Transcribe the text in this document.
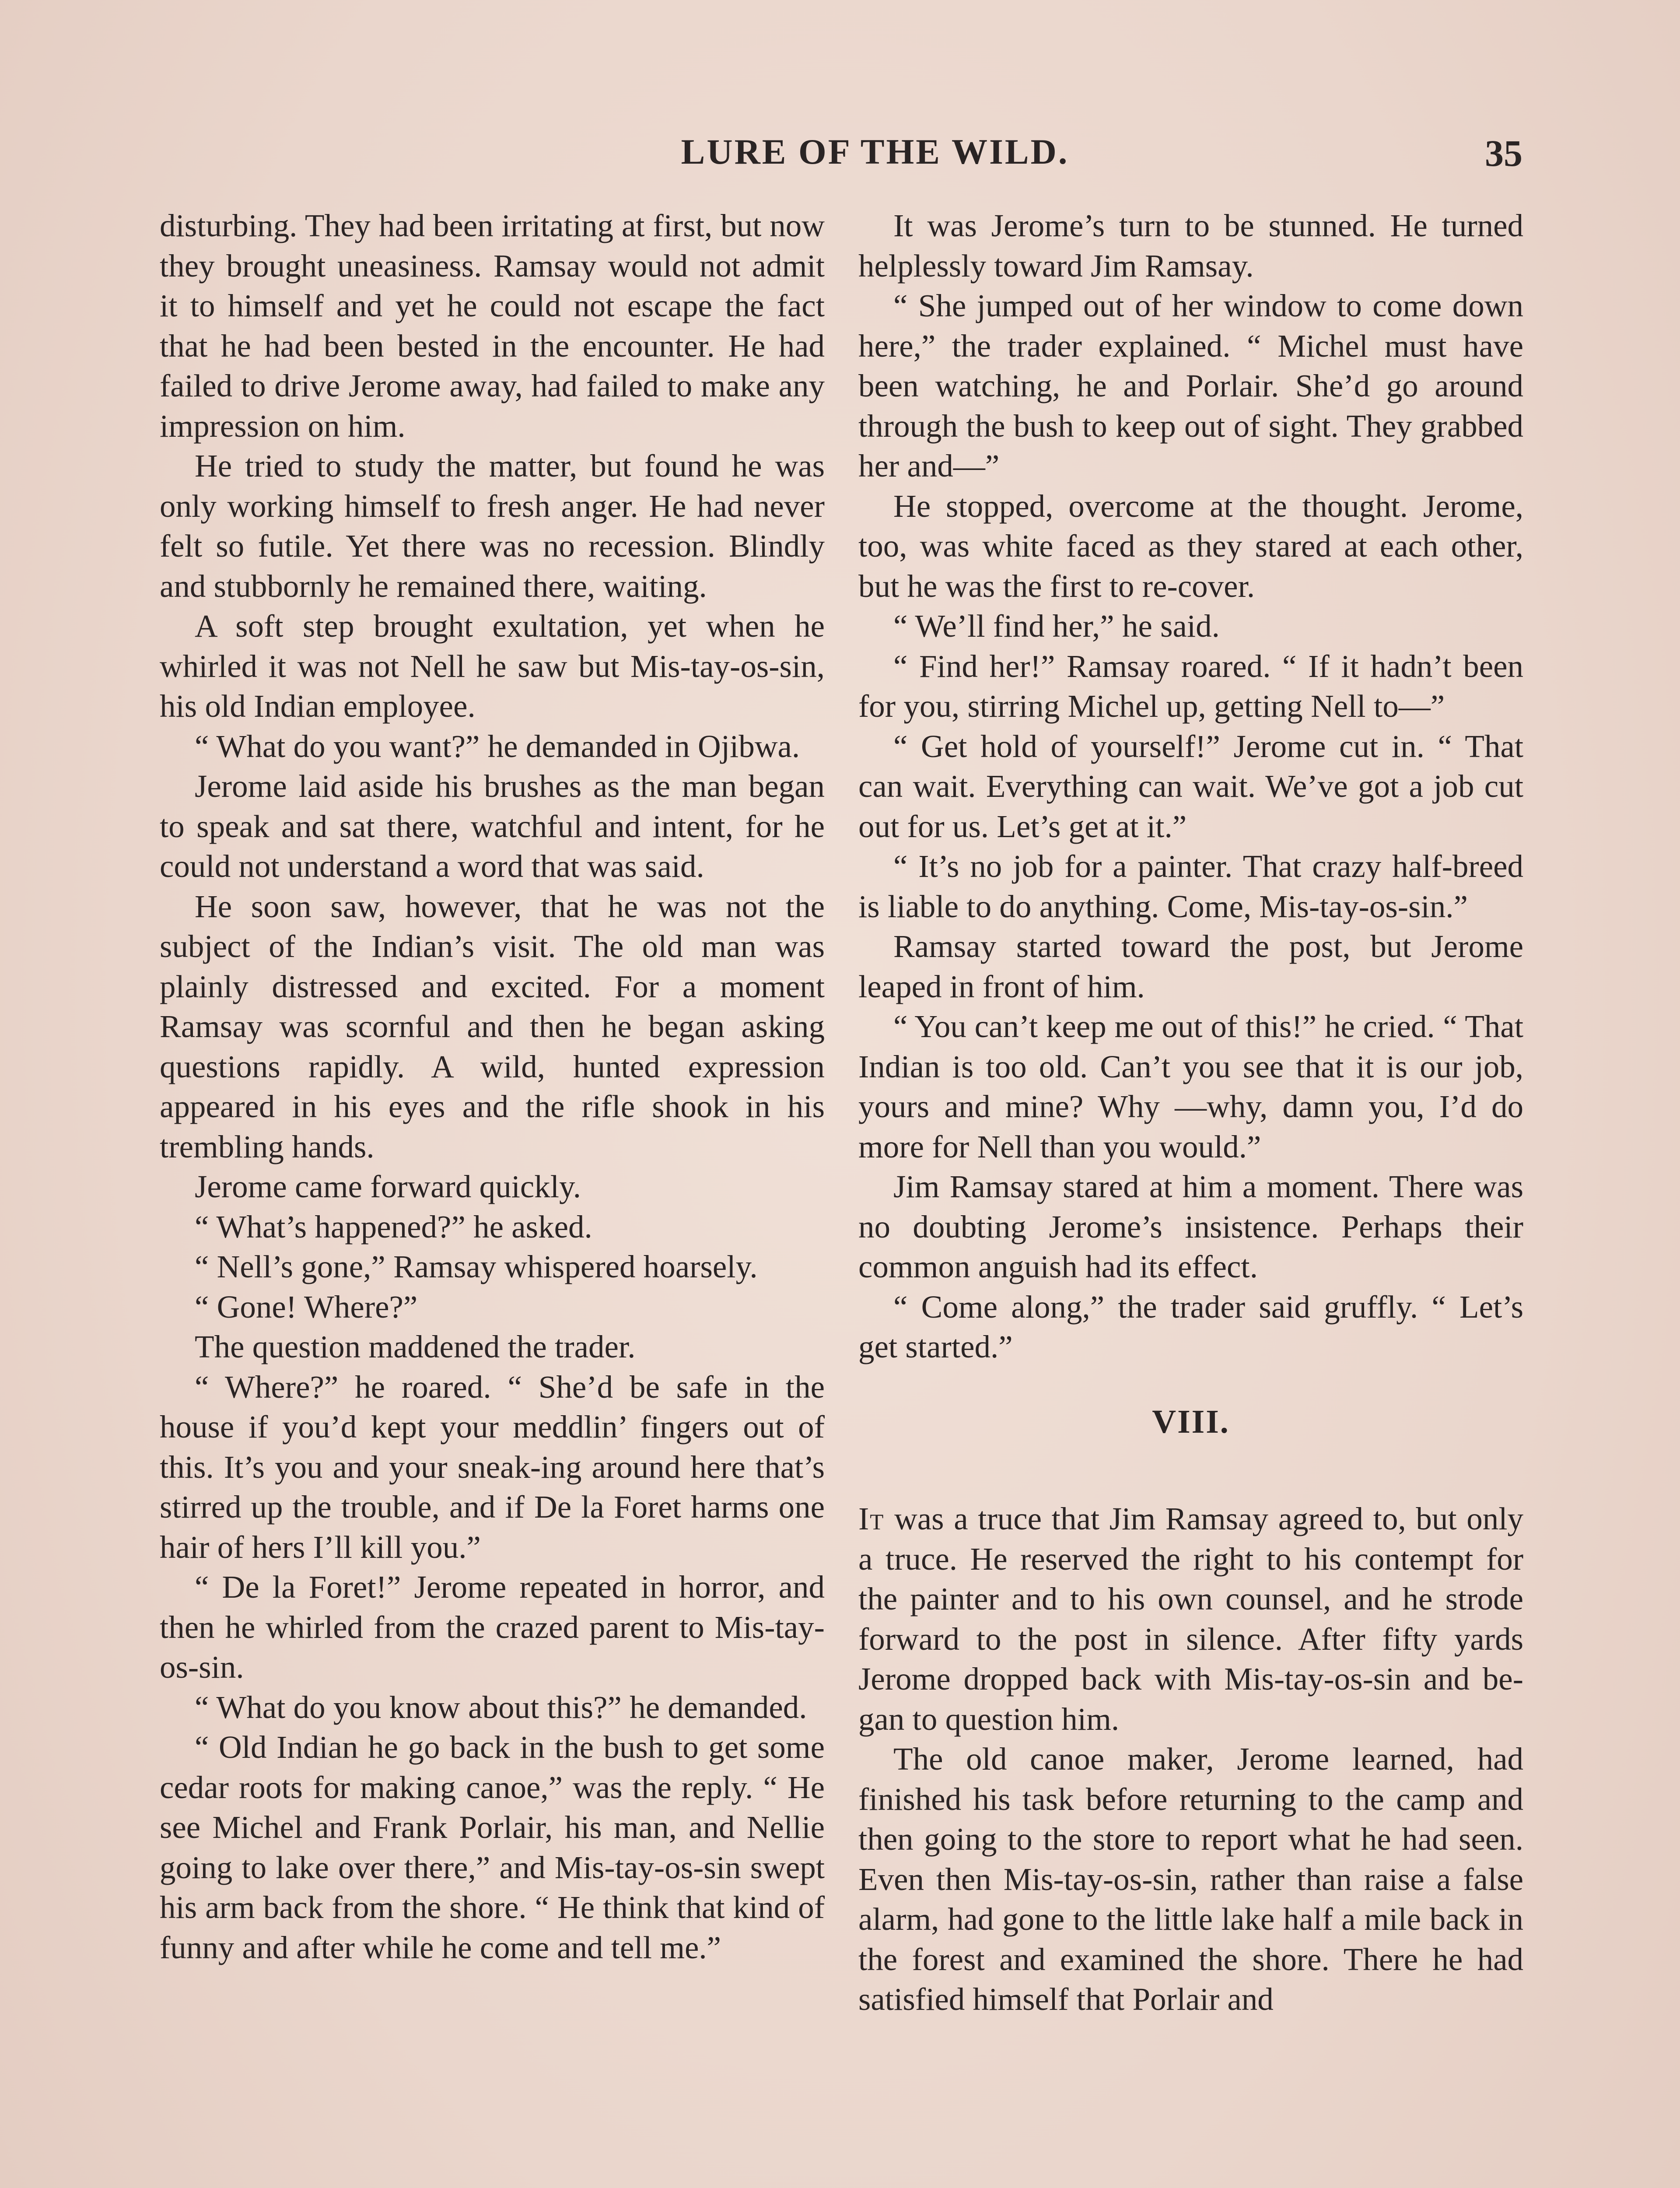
LURE OF THE WILD.	35

disturbing. They had been irritating at first, but now they brought uneasiness. Ramsay would not admit it to himself and yet he could not escape the fact that he had been bested in the encounter. He had failed to drive Jerome away, had failed to make any impression on him.

He tried to study the matter, but found he was only working himself to fresh anger. He had never felt so futile. Yet there was no recession. Blindly and stubbornly he remained there, waiting.

A soft step brought exultation, yet when he whirled it was not Nell he saw but Mis-tay-os-sin, his old Indian employee.

“ What do you want?” he demanded in Ojibwa.

Jerome laid aside his brushes as the man began to speak and sat there, watchful and intent, for he could not understand a word that was said.

He soon saw, however, that he was not the subject of the Indian’s visit. The old man was plainly distressed and excited. For a moment Ramsay was scornful and then he began asking questions rapidly. A wild, hunted expression appeared in his eyes and the rifle shook in his trembling hands.

Jerome came forward quickly.

“ What’s happened?” he asked.

“ Nell’s gone,” Ramsay whispered hoarsely.

“ Gone! Where?”

The question maddened the trader.

“ Where?” he roared. “ She’d be safe in the house if you’d kept your meddlin’ fingers out of this. It’s you and your sneak-ing around here that’s stirred up the trouble, and if De la Foret harms one hair of hers I’ll kill you.”

“ De la Foret!” Jerome repeated in horror, and then he whirled from the crazed parent to Mis-tay-os-sin.

“ What do you know about this?” he demanded.

“ Old Indian he go back in the bush to get some cedar roots for making canoe,” was the reply. “ He see Michel and Frank Porlair, his man, and Nellie going to lake over there,” and Mis-tay-os-sin swept his arm back from the shore. “ He think that kind of funny and after while he come and tell me.”

It was Jerome’s turn to be stunned. He turned helplessly toward Jim Ramsay.

“ She jumped out of her window to come down here,” the trader explained. “ Michel must have been watching, he and Porlair. She’d go around through the bush to keep out of sight. They grabbed her and—”

He stopped, overcome at the thought. Jerome, too, was white faced as they stared at each other, but he was the first to re-cover.

“ We’ll find her,” he said.

“ Find her!” Ramsay roared. “ If it hadn’t been for you, stirring Michel up, getting Nell to—”

“ Get hold of yourself!” Jerome cut in. “ That can wait. Everything can wait. We’ve got a job cut out for us. Let’s get at it.”

“ It’s no job for a painter. That crazy half-breed is liable to do anything. Come, Mis-tay-os-sin.”

Ramsay started toward the post, but Jerome leaped in front of him.

“ You can’t keep me out of this!” he cried. “ That Indian is too old. Can’t you see that it is our job, yours and mine? Why —why, damn you, I’d do more for Nell than you would.”

Jim Ramsay stared at him a moment. There was no doubting Jerome’s insistence. Perhaps their common anguish had its effect.

“ Come along,” the trader said gruffly. “ Let’s get started.”

VIII.

It was a truce that Jim Ramsay agreed to, but only a truce. He reserved the right to his contempt for the painter and to his own counsel, and he strode forward to the post in silence. After fifty yards Jerome dropped back with Mis-tay-os-sin and be-gan to question him.

The old canoe maker, Jerome learned, had finished his task before returning to the camp and then going to the store to report what he had seen. Even then Mis-tay-os-sin, rather than raise a false alarm, had gone to the little lake half a mile back in the forest and examined the shore. There he had satisfied himself that Porlair and
